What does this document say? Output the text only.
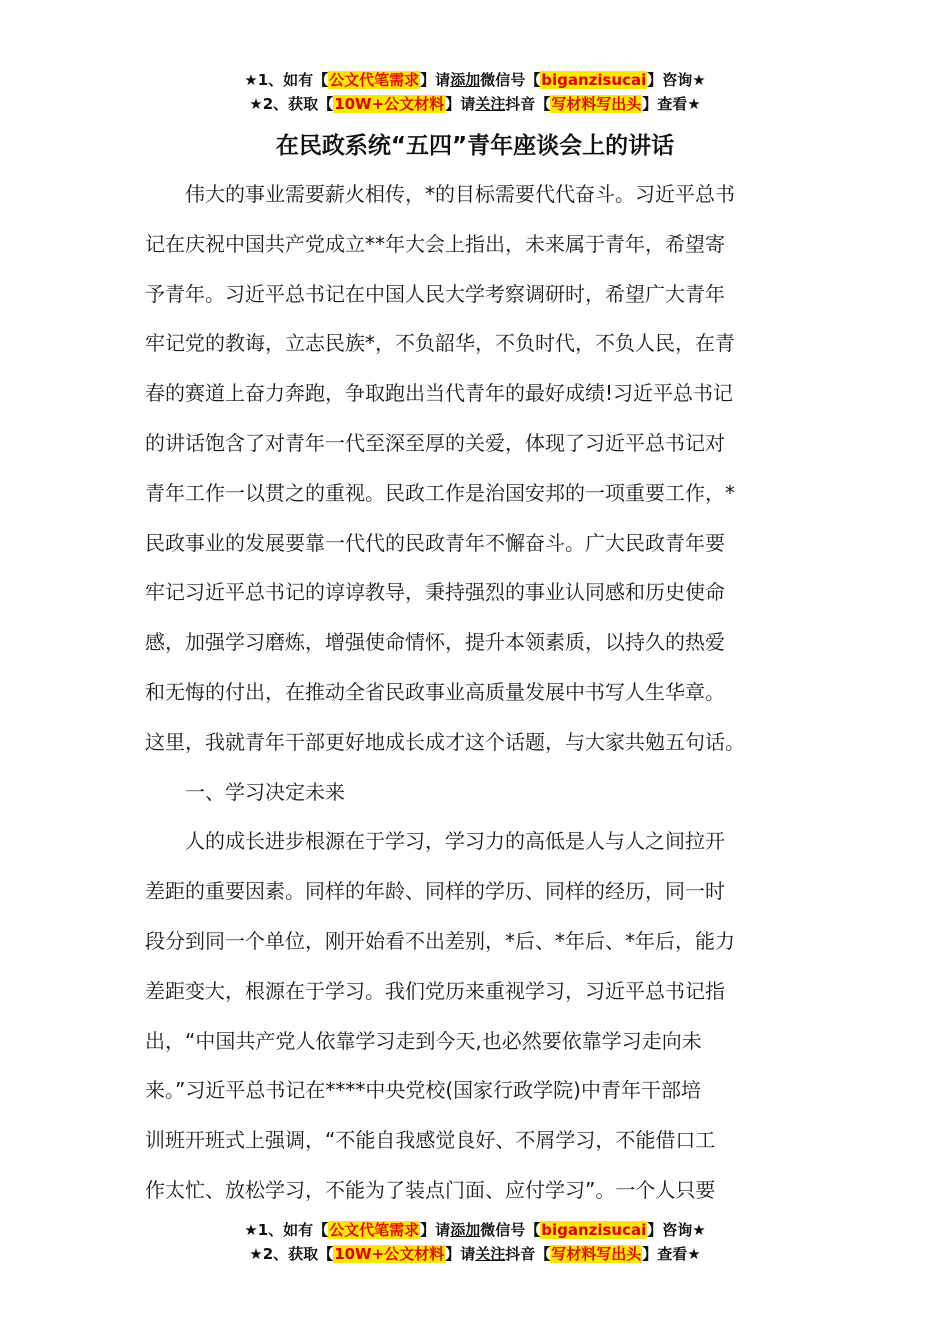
★1、如有【公文代笔需求】请添加微信号【biganzisucai】咨询★
★2、获取【10W+公文材料】请关注抖音【写材料写出头】查看★
在民政系统“五四”青年座谈会上的讲话
　　伟大的事业需要薪火相传，*的目标需要代代奋斗。习近平总书
记在庆祝中国共产党成立**年大会上指出，未来属于青年，希望寄
予青年。习近平总书记在中国人民大学考察调研时，希望广大青年
牢记党的教诲，立志民族*，不负韶华，不负时代，不负人民，在青
春的赛道上奋力奔跑，争取跑出当代青年的最好成绩!习近平总书记
的讲话饱含了对青年一代至深至厚的关爱，体现了习近平总书记对
青年工作一以贯之的重视。民政工作是治国安邦的一项重要工作，*
民政事业的发展要靠一代代的民政青年不懈奋斗。广大民政青年要
牢记习近平总书记的谆谆教导，秉持强烈的事业认同感和历史使命
感，加强学习磨炼，增强使命情怀，提升本领素质，以持久的热爱
和无悔的付出，在推动全省民政事业高质量发展中书写人生华章。
这里，我就青年干部更好地成长成才这个话题，与大家共勉五句话。
　　一、学习决定未来
　　人的成长进步根源在于学习，学习力的高低是人与人之间拉开
差距的重要因素。同样的年龄、同样的学历、同样的经历，同一时
段分到同一个单位，刚开始看不出差别，*后、*年后、*年后，能力
差距变大，根源在于学习。我们党历来重视学习，习近平总书记指
出，“中国共产党人依靠学习走到今天,也必然要依靠学习走向未
来。”习近平总书记在****中央党校(国家行政学院)中青年干部培
训班开班式上强调，“不能自我感觉良好、不屑学习，不能借口工
作太忙、放松学习，不能为了装点门面、应付学习”。一个人只要
★1、如有【公文代笔需求】请添加微信号【biganzisucai】咨询★
★2、获取【10W+公文材料】请关注抖音【写材料写出头】查看★
